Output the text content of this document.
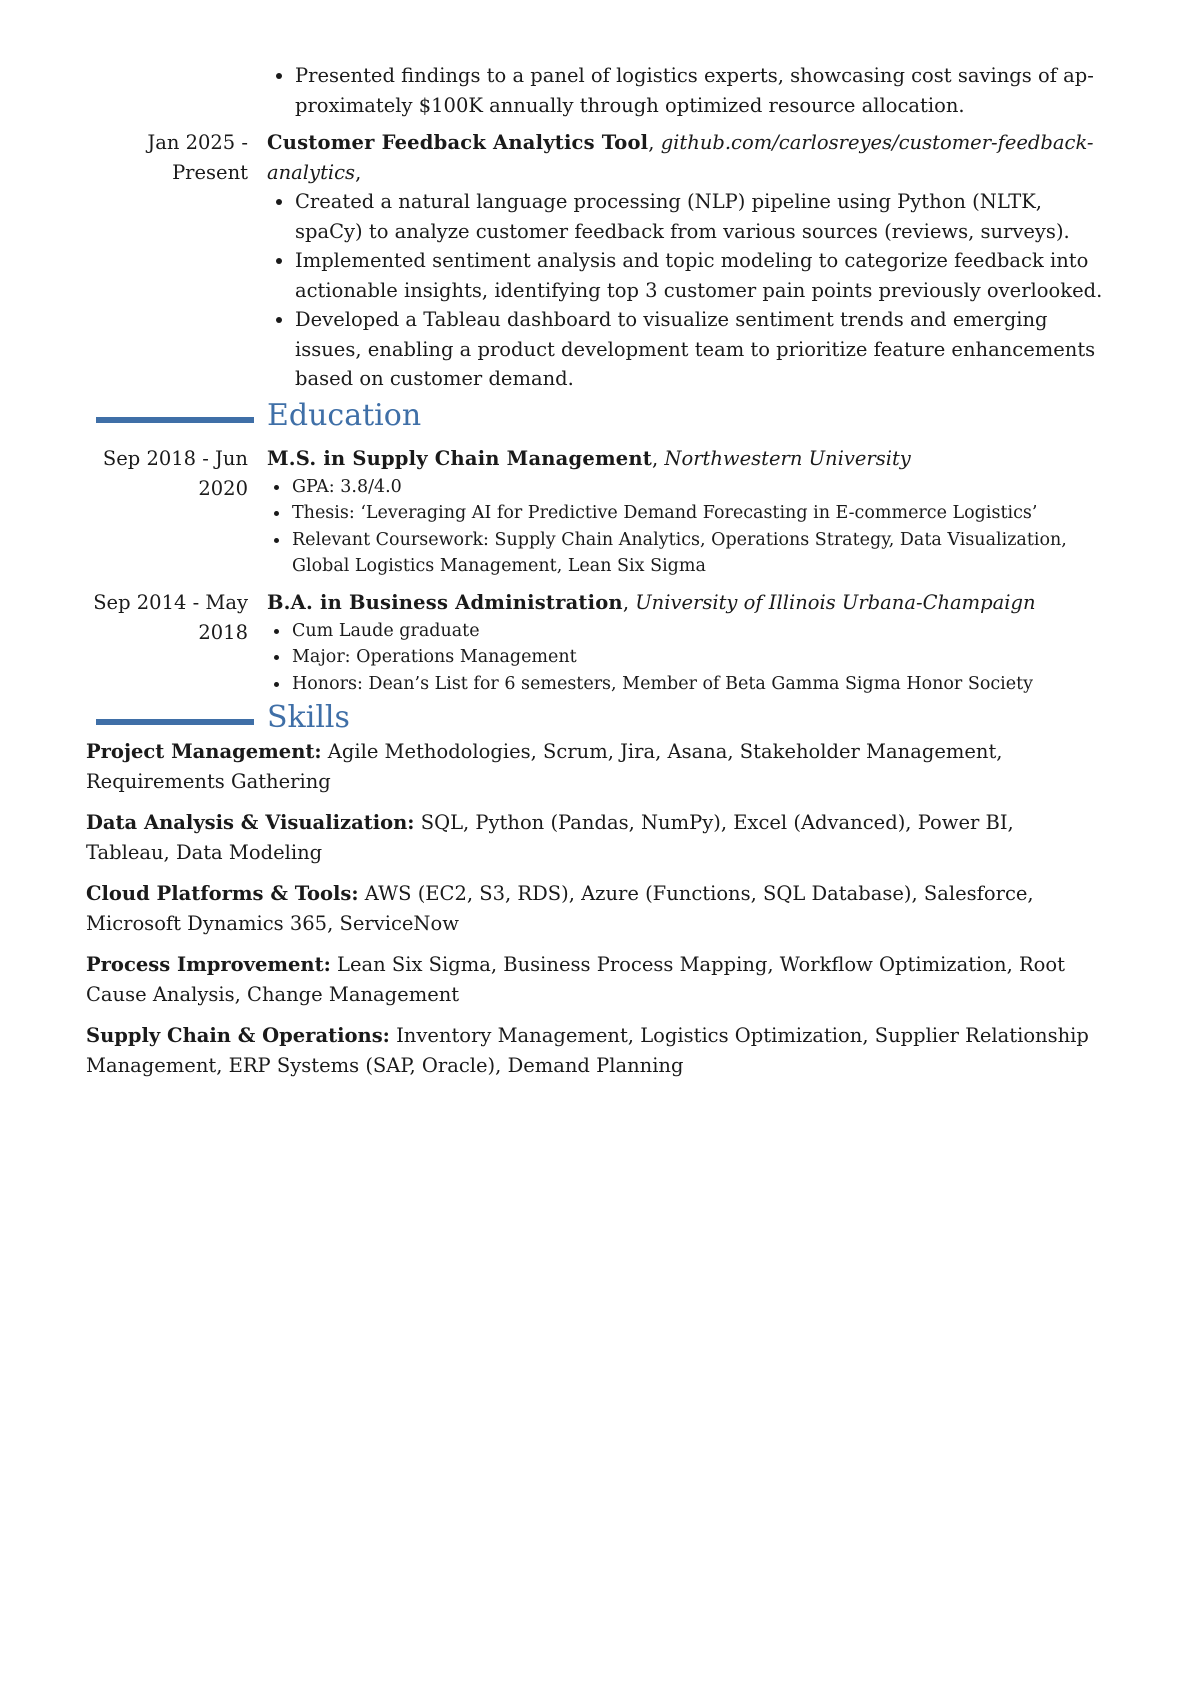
Presented findings to a panel of logistics experts, showcasing cost savings of ap-proximately $100K annually through optimized resource allocation.
Jan 2025 - Present
Customer Feedback Analytics Tool, github.com/carlosreyes/customer-feedback-analytics,
Created a natural language processing (NLP) pipeline using Python (NLTK, spaCy) to analyze customer feedback from various sources (reviews, surveys).
Implemented sentiment analysis and topic modeling to categorize feedback into actionable insights, identifying top 3 customer pain points previously overlooked.
Developed a Tableau dashboard to visualize sentiment trends and emerging issues, enabling a product development team to prioritize feature enhancements based on customer demand.
Education
Sep 2018 - Jun 2020
M.S. in Supply Chain Management, Northwestern University
GPA: 3.8/4.0
Thesis: ‘Leveraging AI for Predictive Demand Forecasting in E-commerce Logistics’
Relevant Coursework: Supply Chain Analytics, Operations Strategy, Data Visualization, Global Logistics Management, Lean Six Sigma
Sep 2014 - May 2018
B.A. in Business Administration, University of Illinois Urbana-Champaign
Cum Laude graduate
Major: Operations Management
Honors: Dean’s List for 6 semesters, Member of Beta Gamma Sigma Honor Society
Skills
Project Management: Agile Methodologies, Scrum, Jira, Asana, Stakeholder Management, Requirements Gathering
Data Analysis & Visualization: SQL, Python (Pandas, NumPy), Excel (Advanced), Power BI, Tableau, Data Modeling
Cloud Platforms & Tools: AWS (EC2, S3, RDS), Azure (Functions, SQL Database), Salesforce, Microsoft Dynamics 365, ServiceNow
Process Improvement: Lean Six Sigma, Business Process Mapping, Workflow Optimization, Root Cause Analysis, Change Management
Supply Chain & Operations: Inventory Management, Logistics Optimization, Supplier Relationship Management, ERP Systems (SAP, Oracle), Demand Planning
